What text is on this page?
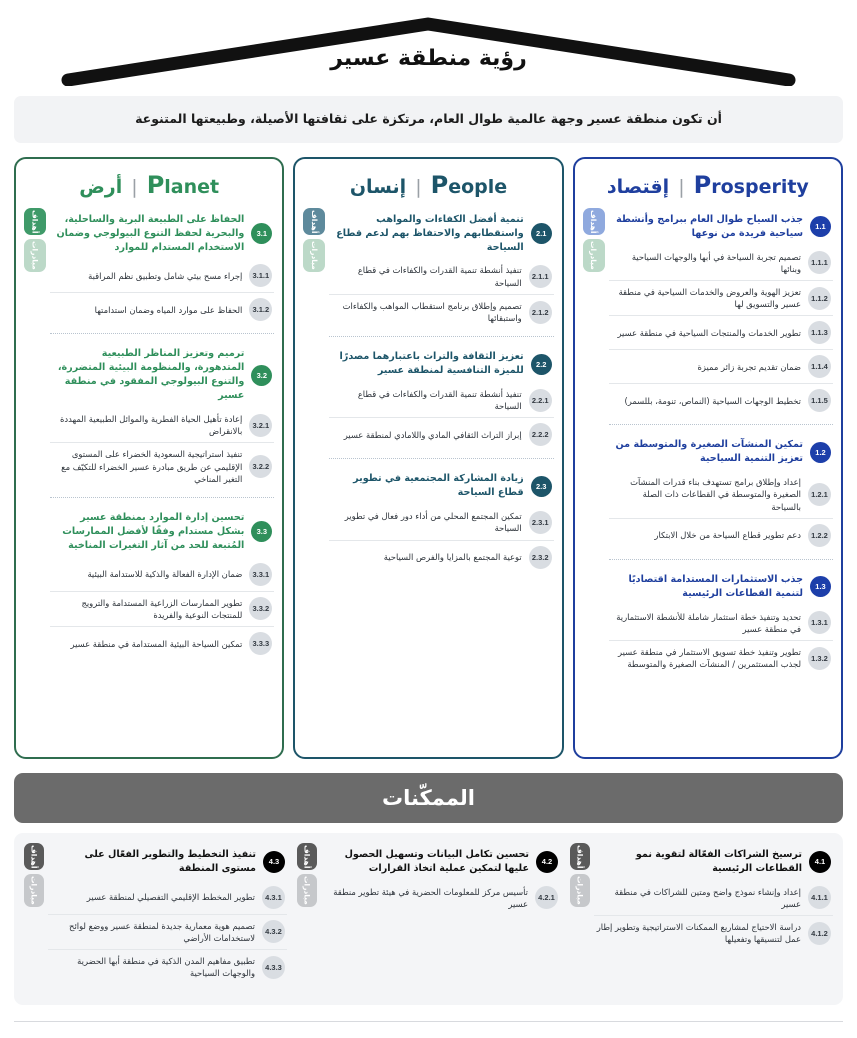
رؤية منطقة عسير
أن تكون منطقة عسير وجهة عالمية طوال العام، مرتكزة على ثقافتها الأصيلة، وطبيعتها المتنوعة
Prosperity | إقتصاد
1.1
جذب السياح طوال العام ببرامج وأنشطة سياحية فريدة من نوعها
1.1.1
تصميم تجربة السياحة في أبها والوجهات السياحية وبنائها
1.1.2
تعزيز الهوية والعروض والخدمات السياحية في منطقة عسير والتسويق لها
1.1.3
تطوير الخدمات والمنتجات السياحية في منطقة عسير
1.1.4
ضمان تقديم تجربة زائر مميزة
1.1.5
تخطيط الوجهات السياحية (النماص، تنومة، بللسمر)
1.2
تمكين المنشآت الصغيرة والمتوسطة من تعزيز التنمية السياحية
1.2.1
إعداد وإطلاق برامج تستهدف بناء قدرات المنشآت الصغيرة والمتوسطة في القطاعات ذات الصلة بالسياحة
1.2.2
دعم تطوير قطاع السياحة من خلال الابتكار
1.3
جذب الاستثمارات المستدامة اقتصاديًا لتنمية القطاعات الرئيسية
1.3.1
تحديد وتنفيذ خطة استثمار شاملة للأنشطة الاستثمارية في منطقة عسير
1.3.2
تطوير وتنفيذ خطة تسويق الاستثمار في منطقة عسير لجذب المستثمرين / المنشآت الصغيرة والمتوسطة
أهداف
مبادرات
People | إنسان
2.1
تنمية أفضل الكفاءات والمواهب واستقطابهم والاحتفاظ بهم لدعم قطاع السياحة
2.1.1
تنفيذ أنشطة تنمية القدرات والكفاءات في قطاع السياحة
2.1.2
تصميم وإطلاق برنامج استقطاب المواهب والكفاءات واستبقائها
2.2
تعزيز الثقافة والتراث باعتبارهما مصدرًا للميزة التنافسية لمنطقة عسير
2.2.1
تنفيذ أنشطة تنمية القدرات والكفاءات في قطاع السياحة
2.2.2
إبراز التراث الثقافي المادي واللامادي لمنطقة عسير
2.3
زيادة المشاركة المجتمعية في تطوير قطاع السياحة
2.3.1
تمكين المجتمع المحلي من أداء دور فعال في تطوير السياحة
2.3.2
توعية المجتمع بالمزايا والفرص السياحية
أهداف
مبادرات
Planet | أرض
3.1
الحفاظ على الطبيعة البرية والساحلية، والبحرية لحفظ التنوع البيولوجي وضمان الاستخدام المستدام للموارد
3.1.1
إجراء مسح بيئي شامل وتطبيق نظم المراقبة
3.1.2
الحفاظ على موارد المياه وضمان استدامتها
3.2
ترميم وتعزيز المناظر الطبيعية المتدهورة، والمنظومة البيئية المتضررة، والتنوع البيولوجي المفقود في منطقة عسير
3.2.1
إعادة تأهيل الحياة الفطرية والموائل الطبيعية المهددة بالانقراض
3.2.2
تنفيذ استراتيجية السعودية الخضراء على المستوى الإقليمي عن طريق مبادرة عسير الخضراء للتكيّف مع التغير المناخي
3.3
تحسين إدارة الموارد بمنطقة عسير بشكل مستدام وفقًا لأفضل الممارسات المُتبعة للحد من آثار التغيرات المناخية
3.3.1
ضمان الإدارة الفعالة والذكية للاستدامة البيئية
3.3.2
تطوير الممارسات الزراعية المستدامة والترويج للمنتجات النوعية والفريدة
3.3.3
تمكين السياحة البيئية المستدامة في منطقة عسير
أهداف
مبادرات
الممكّنات
4.1
ترسيخ الشراكات الفعّالة لتقوية نمو القطاعات الرئيسية
4.1.1
إعداد وإنشاء نموذج واضح ومتين للشراكات في منطقة عسير
4.1.2
دراسة الاحتياج لمشاريع الممكنات الاستراتيجية وتطوير إطار عمل لتنسيقها وتفعيلها
أهداف
مبادرات
4.2
تحسين تكامل البيانات وتسهيل الحصول عليها لتمكين عملية اتخاذ القرارات
4.2.1
تأسيس مركز للمعلومات الحضرية في هيئة تطوير منطقة عسير
أهداف
مبادرات
4.3
تنفيذ التخطيط والتطوير الفعّال على مستوى المنطقة
4.3.1
تطوير المخطط الإقليمي التفصيلي لمنطقة عسير
4.3.2
تصميم هوية معمارية جديدة لمنطقة عسير ووضع لوائح لاستخدامات الأراضي
4.3.3
تطبيق مفاهيم المدن الذكية في منطقة أبها الحضرية والوجهات السياحية
أهداف
مبادرات
